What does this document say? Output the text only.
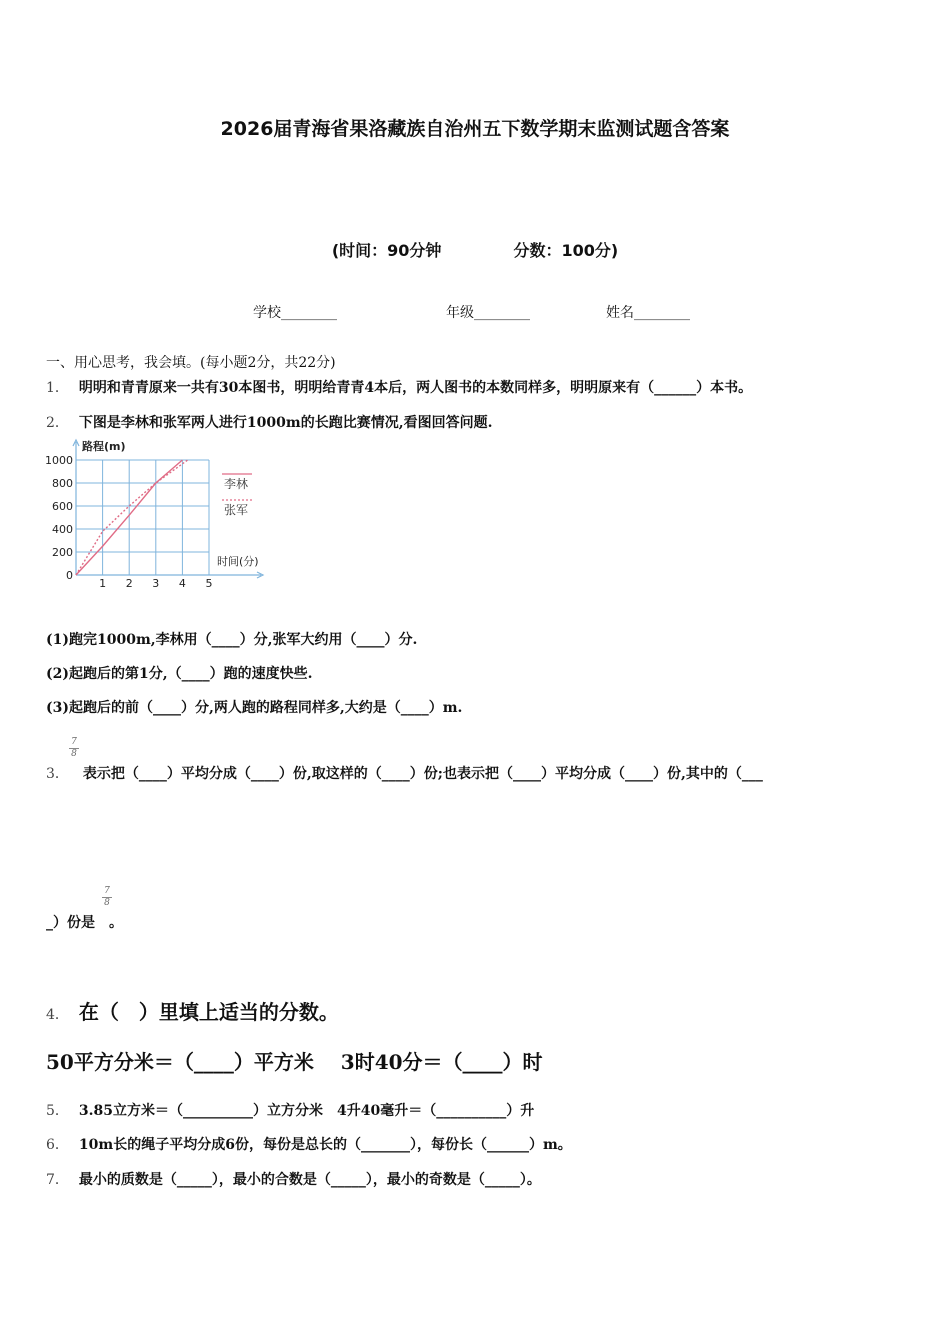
2026届青海省果洛藏族自治州五下数学期末监测试题含答案
(时间：90分钟	分数：100分)
学校________	年级________	姓名________
一、用心思考，我会填。(每小题2分，共22分)
1． 明明和青青原来一共有30本图书，明明给青青4本后，两人图书的本数同样多，明明原来有（______）本书。
2． 下图是李林和张军两人进行1000m的长跑比赛情况,看图回答问题.
1 2 3 4 5
0
200
400
600
800
1000
路程(m)
时间(分)
李林
张军
(1)跑完1000m,李林用（____）分,张军大约用（____）分.
(2)起跑后的第1分,（____）跑的速度快些.
(3)起跑后的前（____）分,两人跑的路程同样多,大约是（____）m.
7
8
3． 表示把（____）平均分成（____）份,取这样的（____）份;也表示把（____）平均分成（____）份,其中的（___
_）份是 。
7
8
4． 在（　）里填上适当的分数。
50平方分米＝（____）平方米　 3时40分＝（____）时
5． 3.85立方米＝（__________）立方分米　4升40毫升＝（__________）升
6． 10m长的绳子平均分成6份，每份是总长的（_______），每份长（______）m。
7． 最小的质数是（_____），最小的合数是（_____），最小的奇数是（_____）。
